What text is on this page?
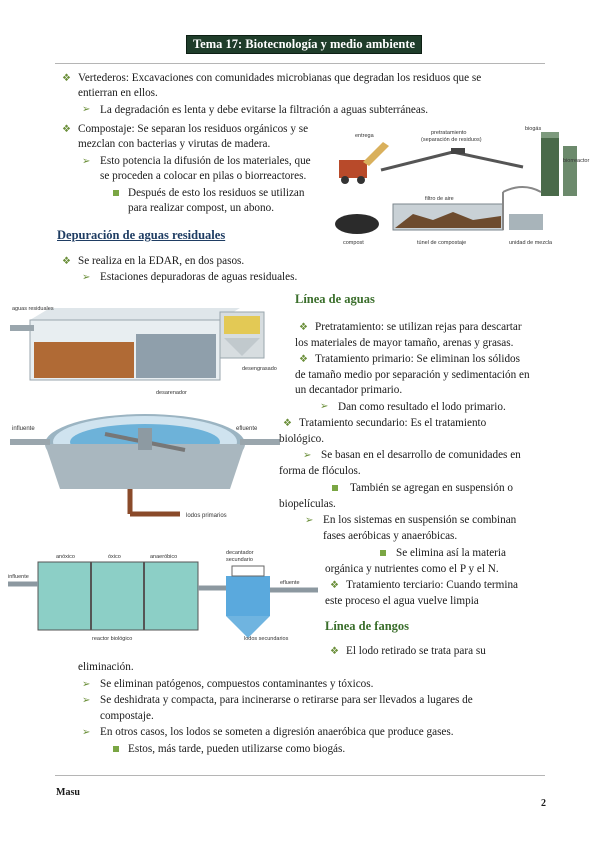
Tema 17: Biotecnología y medio ambiente
❖ Vertederos: Excavaciones con comunidades microbianas que degradan los residuos que se
entierran en ellos.
➢ La degradación es lenta y debe evitarse la filtración a aguas subterráneas.
❖ Compostaje: Se separan los residuos orgánicos y se
mezclan con bacterias y virutas de madera.
➢ Esto potencia la difusión de los materiales, que
se proceden a colocar en pilas o biorreactores.
Después de esto los residuos se utilizan
para realizar compost, un abono.
entrega	pretratamiento
(separación de residuos)
biogás
biorreactor
filtro de aire
compost	túnel de compostaje	unidad de mezcla
Depuración de aguas residuales
❖ Se realiza en la EDAR, en dos pasos.
➢ Estaciones depuradoras de aguas residuales.
aguas residuales
desarenador
desengrasado
influente	efluente
lodos primarios
anóxico	óxico	anaeróbico
decantador
secundario
influente
efluente
reactor biológico	lodos secundarios
Línea de aguas
❖ Pretratamiento: se utilizan rejas para descartar
los materiales de mayor tamaño, arenas y grasas.
❖ Tratamiento primario: Se eliminan los sólidos
de tamaño medio por separación y sedimentación en
un decantador primario.
➢ Dan como resultado el lodo primario.
❖ Tratamiento secundario: Es el tratamiento
biológico.
➢ Se basan en el desarrollo de comunidades en
forma de flóculos.
También se agregan en suspensión o
biopelículas.
➢ En los sistemas en suspensión se combinan
fases aeróbicas y anaeróbicas.
Se elimina así la materia
orgánica y nutrientes como el P y el N.
❖ Tratamiento terciario: Cuando termina
este proceso el agua vuelve limpia
Línea de fangos
❖ El lodo retirado se trata para su
eliminación.
➢ Se eliminan patógenos, compuestos contaminantes y tóxicos.
➢ Se deshidrata y compacta, para incinerarse o retirarse para ser llevados a lugares de
compostaje.
➢ En otros casos, los lodos se someten a digresión anaeróbica que produce gases.
Estos, más tarde, pueden utilizarse como biogás.
Masu
2
